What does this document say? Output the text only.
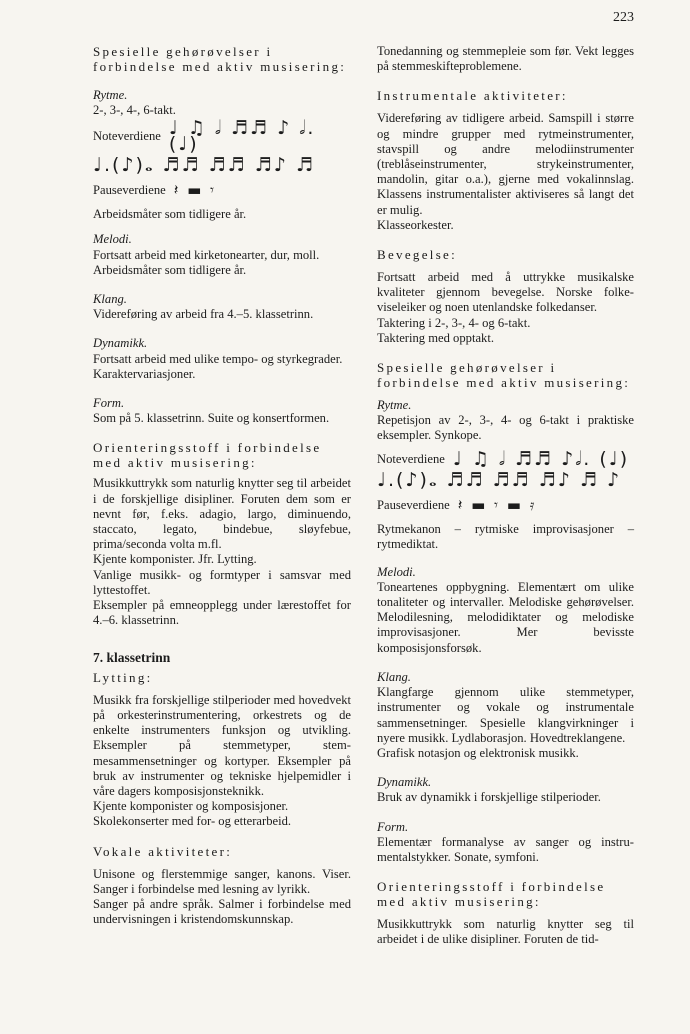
223

Spesielle gehørøvelser i forbindelse med aktiv musisering:

Rytme.

2-, 3-, 4-, 6-takt.

Noteverdiene ♩ ♫ 𝅗𝅥 ♬♬ ♪ 𝅗𝅥. (♩)
♩.(♪)𝅝 ♬♬ ♬♬ ♬♪ ♬
Pauseverdiene 𝄽 ▬ 𝄾

Arbeidsmåter som tidligere år.

Melodi.

Fortsatt arbeid med kirketonearter, dur, moll.

Arbeidsmåter som tidligere år.

Klang.

Videreføring av arbeid fra 4.–5. klassetrinn.

Dynamikk.

Fortsatt arbeid med ulike tempo- og styrkegrader.

Karaktervariasjoner.

Form.

Som på 5. klassetrinn. Suite og konsertformen.

Orienteringsstoff i forbindelse med aktiv musisering:

Musikkuttrykk som naturlig knytter seg til arbeidet i de forskjellige disipliner. Foruten dem som er nevnt før, f.eks. adagio, largo, diminuendo, staccato, legato, bindebue, sløyfebue, prima/seconda volta m.fl.

Kjente komponister. Jfr. Lytting.

Vanlige musikk- og formtyper i samsvar med lyttestoffet.

Eksempler på emneopplegg under lærestoffet for 4.–6. klassetrinn.

7. klassetrinn

Lytting:

Musikk fra forskjellige stilperioder med hovedvekt på orkesterinstrumentering, orkestrets og de enkelte instrumenters funksjon og utvikling. Eksempler på stemmetyper, stemmesammensetninger og kortyper. Eksempler på bruk av instrumenter og tekniske hjelpemidler i våre dagers komposisjonsteknikk.

Kjente komponister og komposisjoner.

Skolekonserter med for- og etterarbeid.

Vokale aktiviteter:

Unisone og flerstemmige sanger, kanons. Viser. Sanger i forbindelse med lesning av lyrikk.

Sanger på andre språk. Salmer i forbindelse med undervisningen i kristendomskunnskap.

Tonedanning og stemmepleie som før. Vekt legges på stemmeskifteproblemene.

Instrumentale aktiviteter:

Videreføring av tidligere arbeid. Samspill i større og mindre grupper med rytmeinstrumenter, stavspill og andre melodiinstrumenter (treblåseinstrumenter, strykeinstrumenter, mandolin, gitar o.a.), gjerne med vokalinnslag. Klassens instrumentalister aktiviseres så langt det er mulig.

Klasseorkester.

Bevegelse:

Fortsatt arbeid med å uttrykke musikalske kvaliteter gjennom bevegelse. Norske folkeviseleiker og noen utenlandske folkedanser.

Taktering i 2-, 3-, 4- og 6-takt.

Taktering med opptakt.

Spesielle gehørøvelser i forbindelse med aktiv musisering:

Rytme.

Repetisjon av 2-, 3-, 4- og 6-takt i praktiske eksempler. Synkope.

Noteverdiene ♩ ♫ 𝅗𝅥 ♬♬ ♪𝅗𝅥. (♩)
♩.(♪)𝅝 ♬♬ ♬♬ ♬♪ ♬ ♪
Pauseverdiene 𝄽 ▬ 𝄾 ▬ 𝄿

Rytmekanon – rytmiske improvisasjoner – rytmediktat.

Melodi.

Toneartenes oppbygning. Elementært om ulike tonaliteter og intervaller. Melodiske gehørøvelser. Melodilesning, melodidiktater og melodiske improvisasjoner. Mer bevisste komposisjonsforsøk.

Klang.

Klangfarge gjennom ulike stemmetyper, instrumenter og vokale og instrumentale sammensetninger. Spesielle klangvirkninger i nyere musikk. Lydlaborasjon. Hovedtreklangene.

Grafisk notasjon og elektronisk musikk.

Dynamikk.

Bruk av dynamikk i forskjellige stilperioder.

Form.

Elementær formanalyse av sanger og instrumentalstykker. Sonate, symfoni.

Orienteringsstoff i forbindelse med aktiv musisering:

Musikkuttrykk som naturlig knytter seg til arbeidet i de ulike disipliner. Foruten de tid-
